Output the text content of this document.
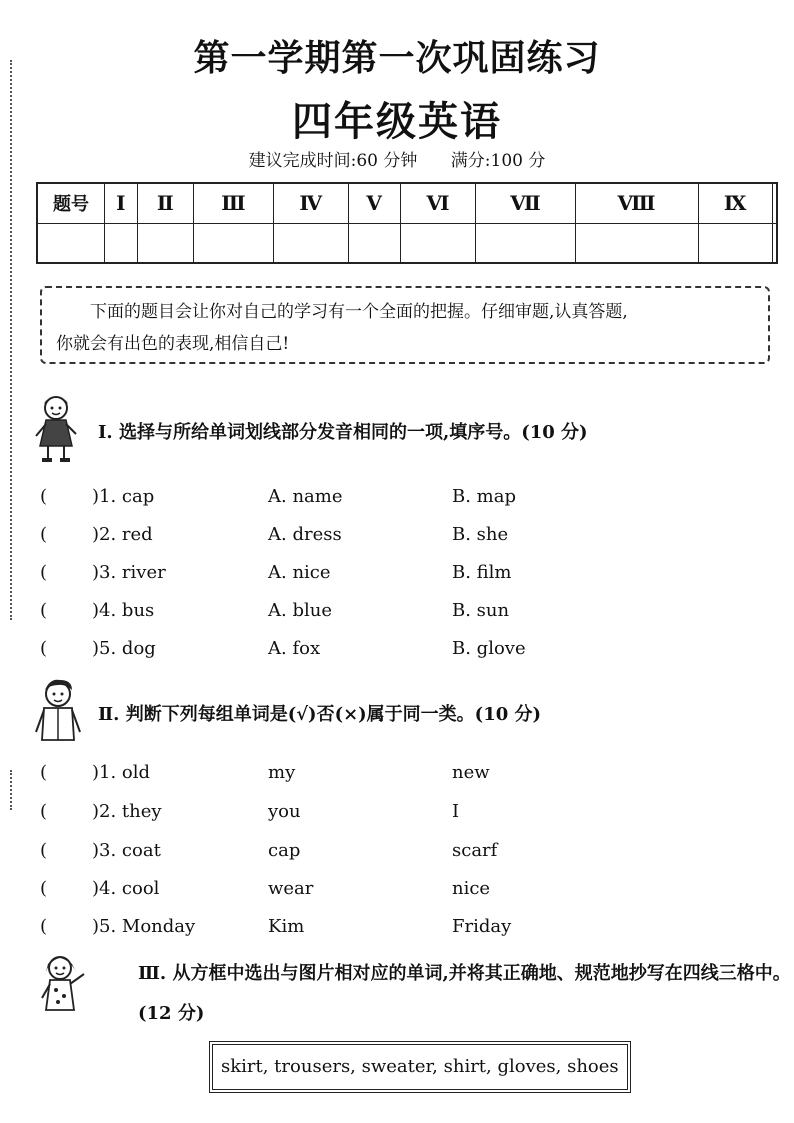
第一学期第一次巩固练习
四年级英语
建议完成时间:60 分钟 满分:100 分
题号	Ⅰ	Ⅱ	Ⅲ	Ⅳ	Ⅴ	Ⅵ	Ⅶ	Ⅷ	Ⅸ	

下面的题目会让你对自己的学习有一个全面的把握。仔细审题,认真答题,

你就会有出色的表现,相信自己!
Ⅰ. 选择与所给单词划线部分发音相同的一项,填序号。(10 分)
( )1. cap	A. name	B. map
( )2. red	A. dress	B. she
( )3. river	A. nice	B. film
( )4. bus	A. blue	B. sun
( )5. dog	A. fox	B. glove
Ⅱ. 判断下列每组单词是(√)否(×)属于同一类。(10 分)
( )1. old	my	new
( )2. they	you	I
( )3. coat	cap	scarf
( )4. cool	wear	nice
( )5. Monday	Kim	Friday
Ⅲ. 从方框中选出与图片相对应的单词,并将其正确地、规范地抄写在四线三格中。(12 分)
skirt, trousers, sweater, shirt, gloves, shoes
